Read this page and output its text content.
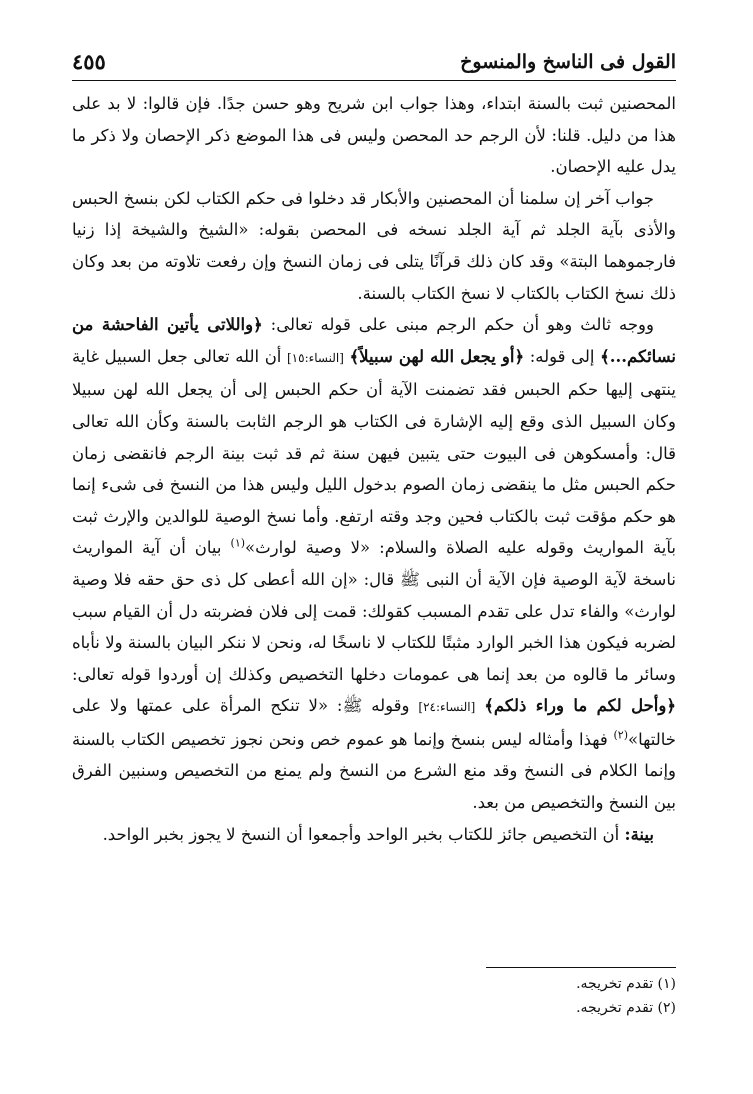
القول فى الناسخ والمنسوخ
٤٥٥

المحصنين ثبت بالسنة ابتداء، وهذا جواب ابن شريح وهو حسن جدًا. فإن قالوا: لا بد على هذا من دليل. قلنا: لأن الرجم حد المحصن وليس فى هذا الموضع ذكر الإحصان ولا ذكر ما يدل عليه الإحصان.

جواب آخر إن سلمنا أن المحصنين والأبكار قد دخلوا فى حكم الكتاب لكن بنسخ الحبس والأذى بآية الجلد ثم آية الجلد نسخه فى المحصن بقوله: «الشيخ والشيخة إذا زنيا فارجموهما البتة» وقد كان ذلك قرآنًا يتلى فى زمان النسخ وإن رفعت تلاوته من بعد وكان ذلك نسخ الكتاب بالكتاب لا نسخ الكتاب بالسنة.

ووجه ثالث وهو أن حكم الرجم مبنى على قوله تعالى: ﴿واللاتى يأتين الفاحشة من نسائكم...﴾ إلى قوله: ﴿أو يجعل الله لهن سبيلاً﴾ [النساء:١٥] أن الله تعالى جعل السبيل غاية ينتهى إليها حكم الحبس فقد تضمنت الآية أن حكم الحبس إلى أن يجعل الله لهن سبيلا وكان السبيل الذى وقع إليه الإشارة فى الكتاب هو الرجم الثابت بالسنة وكأن الله تعالى قال: وأمسكوهن فى البيوت حتى يتبين فيهن سنة ثم قد ثبت بينة الرجم فانقضى زمان حكم الحبس مثل ما ينقضى زمان الصوم بدخول الليل وليس هذا من النسخ فى شىء إنما هو حكم مؤقت ثبت بالكتاب فحين وجد وقته ارتفع. وأما نسخ الوصية للوالدين والإرث ثبت بآية المواريث وقوله عليه الصلاة والسلام: «لا وصية لوارث»$^{(١)}$ بيان أن آية المواريث ناسخة لآية الوصية فإن الآية أن النبى ﷺ قال: «إن الله أعطى كل ذى حق حقه فلا وصية لوارث» والفاء تدل على تقدم المسبب كقولك: قمت إلى فلان فضربته دل أن القيام سبب لضربه فيكون هذا الخبر الوارد مثبتًا للكتاب لا ناسخًا له، ونحن لا ننكر البيان بالسنة ولا نأباه وسائر ما قالوه من بعد إنما هى عمومات دخلها التخصيص وكذلك إن أوردوا قوله تعالى: ﴿وأحل لكم ما وراء ذلكم﴾ [النساء:٢٤] وقوله ﷺ: «لا تنكح المرأة على عمتها ولا على خالتها»$^{(٢)}$ فهذا وأمثاله ليس بنسخ وإنما هو عموم خص ونحن نجوز تخصيص الكتاب بالسنة وإنما الكلام فى النسخ وقد منع الشرع من النسخ ولم يمنع من التخصيص وسنبين الفرق بين النسخ والتخصيص من بعد.

بينة: أن التخصيص جائز للكتاب بخبر الواحد وأجمعوا أن النسخ لا يجوز بخبر الواحد.

(١) تقدم تخريجه.
(٢) تقدم تخريجه.
